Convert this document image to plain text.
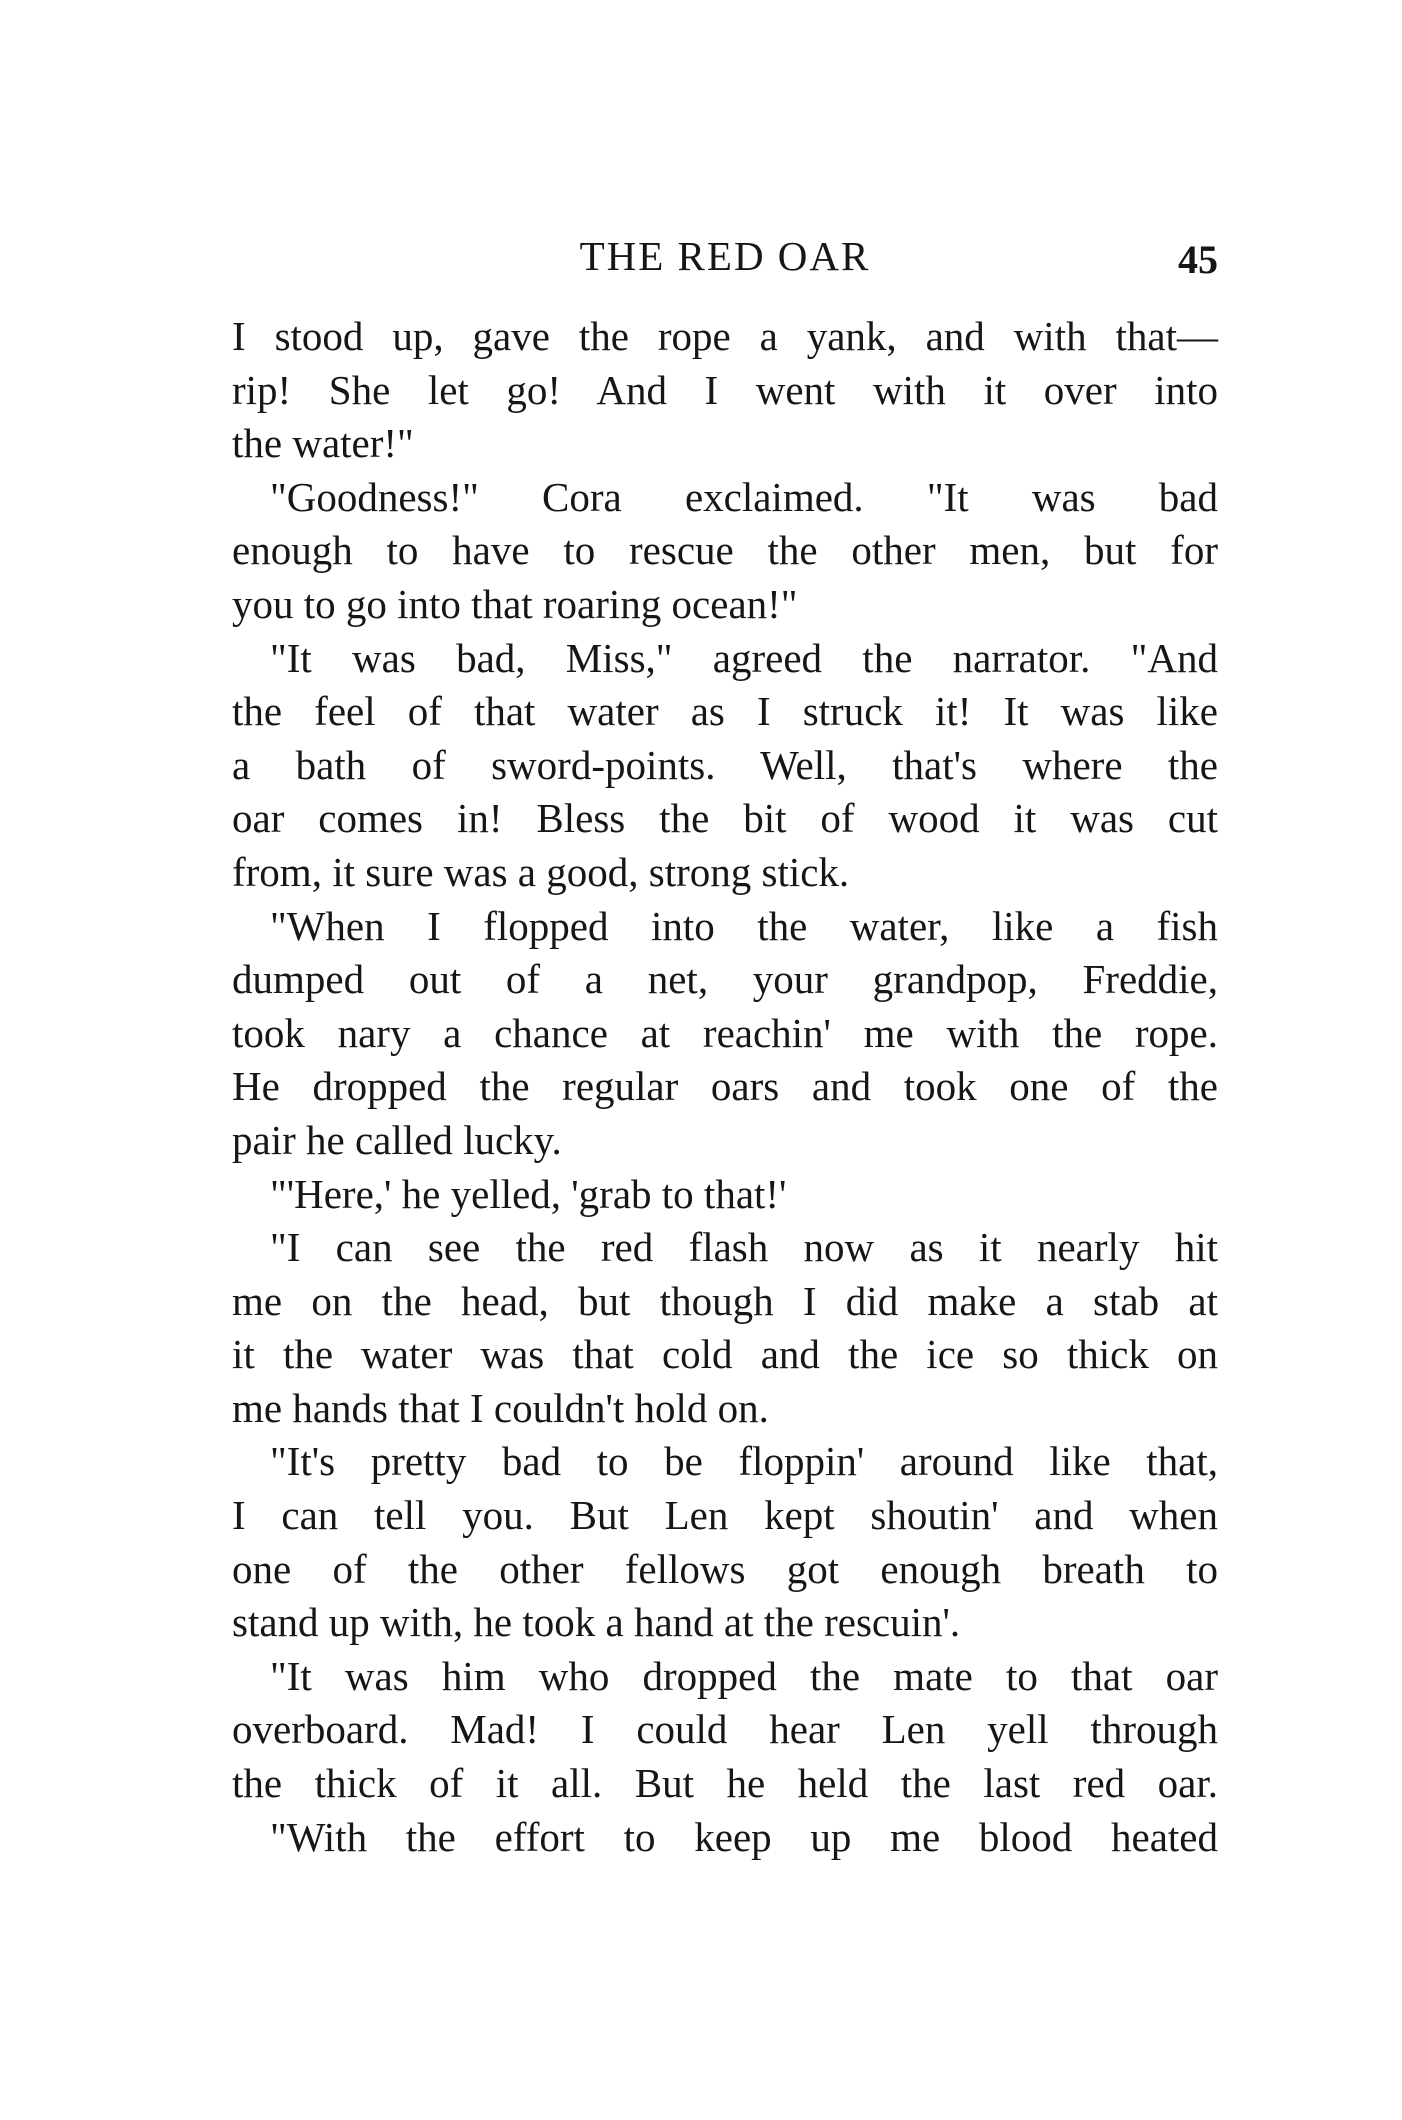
THE RED OAR	45
I stood up, gave the rope a yank, and with that—
rip! She let go! And I went with it over into
the water!"
"Goodness!" Cora exclaimed. "It was bad
enough to have to rescue the other men, but for
you to go into that roaring ocean!"
"It was bad, Miss," agreed the narrator. "And
the feel of that water as I struck it! It was like
a bath of sword-points. Well, that's where the
oar comes in! Bless the bit of wood it was cut
from, it sure was a good, strong stick.
"When I flopped into the water, like a fish
dumped out of a net, your grandpop, Freddie,
took nary a chance at reachin' me with the rope.
He dropped the regular oars and took one of the
pair he called lucky.
"'Here,' he yelled, 'grab to that!'
"I can see the red flash now as it nearly hit
me on the head, but though I did make a stab at
it the water was that cold and the ice so thick on
me hands that I couldn't hold on.
"It's pretty bad to be floppin' around like that,
I can tell you. But Len kept shoutin' and when
one of the other fellows got enough breath to
stand up with, he took a hand at the rescuin'.
"It was him who dropped the mate to that oar
overboard. Mad! I could hear Len yell through
the thick of it all. But he held the last red oar.
"With the effort to keep up me blood heated
